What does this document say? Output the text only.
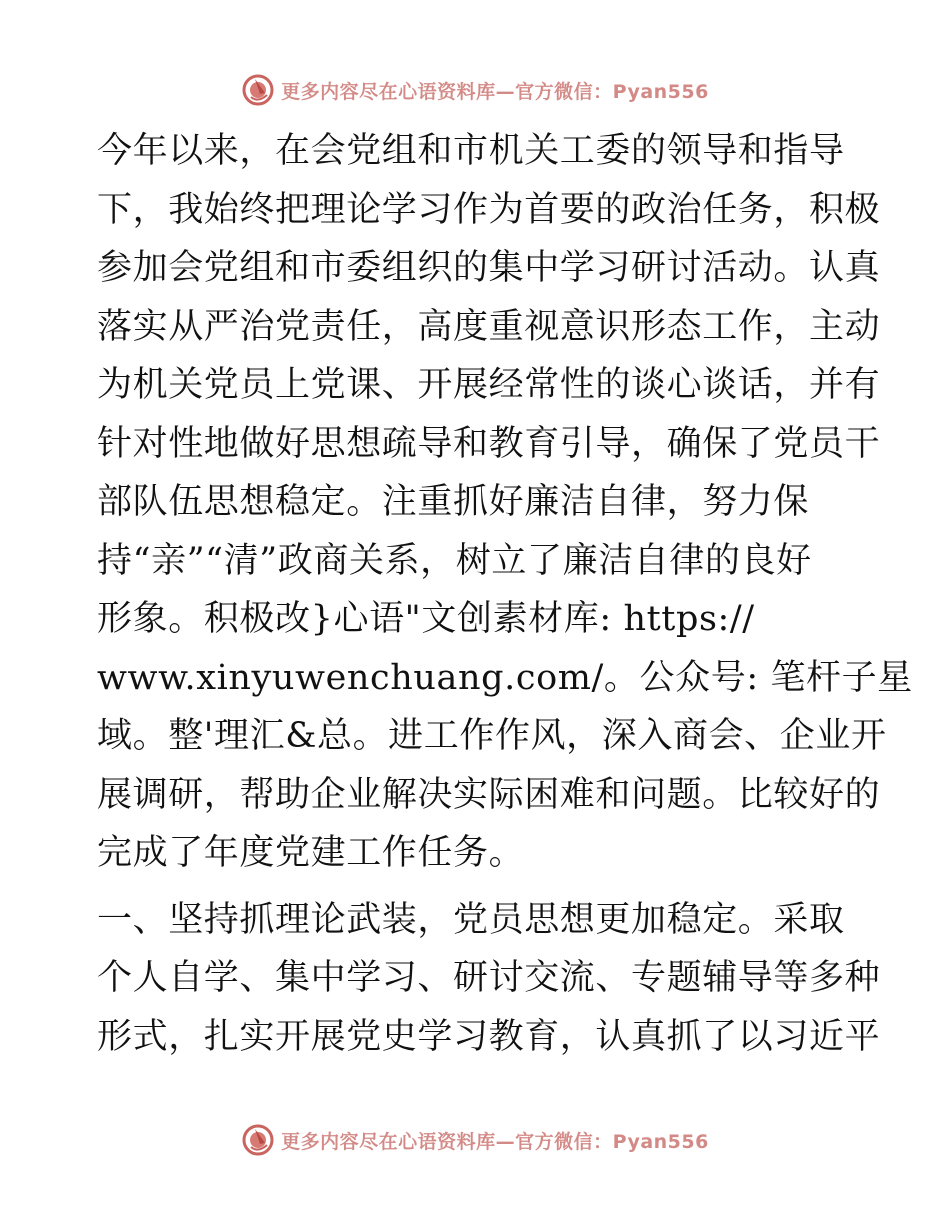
更多内容尽在心语资料库—官方微信：Pyan556
今年以来，在会党组和市机关工委的领导和指导
下，我始终把理论学习作为首要的政治任务，积极
参加会党组和市委组织的集中学习研讨活动。认真
落实从严治党责任，高度重视意识形态工作，主动
为机关党员上党课、开展经常性的谈心谈话，并有
针对性地做好思想疏导和教育引导，确保了党员干
部队伍思想稳定。注重抓好廉洁自律，努力保
持“亲”“清”政商关系，树立了廉洁自律的良好
形象。积极改}心语"文创素材库: https://
www.xinyuwenchuang.com/。公众号: 笔杆子星
域。整'理汇&总。进工作作风，深入商会、企业开
展调研，帮助企业解决实际困难和问题。比较好的
完成了年度党建工作任务。
一、坚持抓理论武装，党员思想更加稳定。采取
个人自学、集中学习、研讨交流、专题辅导等多种
形式，扎实开展党史学习教育，认真抓了以习近平
更多内容尽在心语资料库—官方微信：Pyan556
